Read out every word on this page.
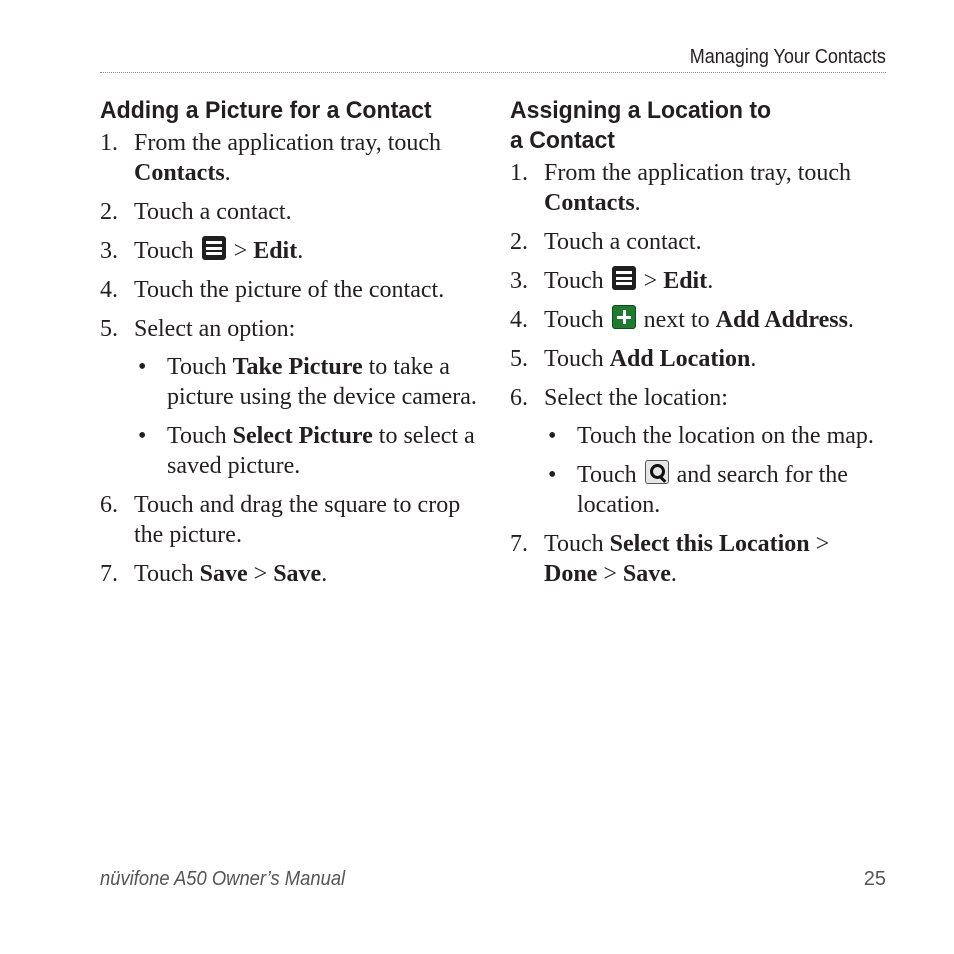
Managing Your Contacts
Adding a Picture for a Contact
1. From the application tray, touch Contacts.
2. Touch a contact.
3. Touch
> Edit.
4. Touch the picture of the contact.
5. Select an option:
• Touch Take Picture to take a picture using the device camera.
• Touch Select Picture to select a saved picture.
6. Touch and drag the square to crop the picture.
7. Touch Save > Save.
Assigning a Location to
a Contact
1. From the application tray, touch Contacts.
2. Touch a contact.
3. Touch
> Edit.
4. Touch  next to Add Address.
5. Touch Add Location.
6. Select the location:
• Touch the location on the map.
• Touch  and search for the location.
7. Touch Select this Location >
Done > Save.
nüvifone A50 Owner’s Manual	25
